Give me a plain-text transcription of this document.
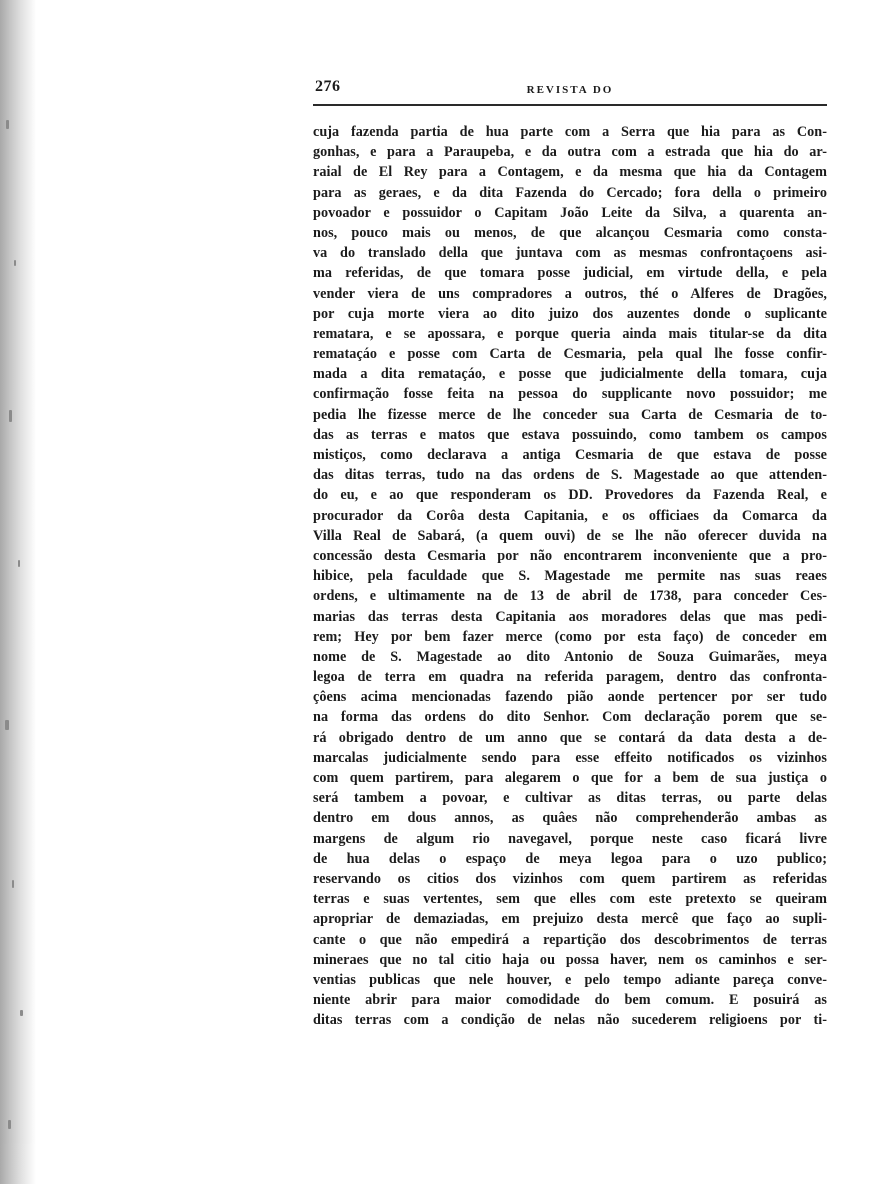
276	REVISTA DO
cuja fazenda partia de hua parte com a Serra que hia para as Con-
gonhas, e para a Paraupeba, e da outra com a estrada que hia do ar-
raial de El Rey para a Contagem, e da mesma que hia da Contagem
para as geraes, e da dita Fazenda do Cercado; fora della o primeiro
povoador e possuidor o Capitam João Leite da Silva, a quarenta an-
nos, pouco mais ou menos, de que alcançou Cesmaria como consta-
va do translado della que juntava com as mesmas confrontaçoens asi-
ma referidas, de que tomara posse judicial, em virtude della, e pela
vender viera de uns compradores a outros, thé o Alferes de Dragões,
por cuja morte viera ao dito juizo dos auzentes donde o suplicante
rematara, e se apossara, e porque queria ainda mais titular-se da dita
remataçáo e posse com Carta de Cesmaria, pela qual lhe fosse confir-
mada a dita remataçáo, e posse que judicialmente della tomara, cuja
confirmação fosse feita na pessoa do supplicante novo possuidor; me
pedia lhe fizesse merce de lhe conceder sua Carta de Cesmaria de to-
das as terras e matos que estava possuindo, como tambem os campos
mistiços, como declarava a antiga Cesmaria de que estava de posse
das ditas terras, tudo na das ordens de S. Magestade ao que attenden-
do eu, e ao que responderam os DD. Provedores da Fazenda Real, e
procurador da Corôa desta Capitania, e os officiaes da Comarca da
Villa Real de Sabará, (a quem ouvi) de se lhe não oferecer duvida na
concessão desta Cesmaria por não encontrarem inconveniente que a pro-
hibice, pela faculdade que S. Magestade me permite nas suas reaes
ordens, e ultimamente na de 13 de abril de 1738, para conceder Ces-
marias das terras desta Capitania aos moradores delas que mas pedi-
rem; Hey por bem fazer merce (como por esta faço) de conceder em
nome de S. Magestade ao dito Antonio de Souza Guimarães, meya
legoa de terra em quadra na referida paragem, dentro das confronta-
çôens acima mencionadas fazendo pião aonde pertencer por ser tudo
na forma das ordens do dito Senhor. Com declaração porem que se-
rá obrigado dentro de um anno que se contará da data desta a de-
marcalas judicialmente sendo para esse effeito notificados os vizinhos
com quem partirem, para alegarem o que for a bem de sua justiça o
será tambem a povoar, e cultivar as ditas terras, ou parte delas
dentro em dous annos, as quâes não comprehenderão ambas as
margens de algum rio navegavel, porque neste caso ficará livre
de hua delas o espaço de meya legoa para o uzo publico;
reservando os citios dos vizinhos com quem partirem as referidas
terras e suas vertentes, sem que elles com este pretexto se queiram
apropriar de demaziadas, em prejuizo desta mercê que faço ao supli-
cante o que não empedirá a repartição dos descobrimentos de terras
mineraes que no tal citio haja ou possa haver, nem os caminhos e ser-
ventias publicas que nele houver, e pelo tempo adiante pareça conve-
niente abrir para maior comodidade do bem comum. E posuirá as
ditas terras com a condição de nelas não sucederem religioens por ti-
